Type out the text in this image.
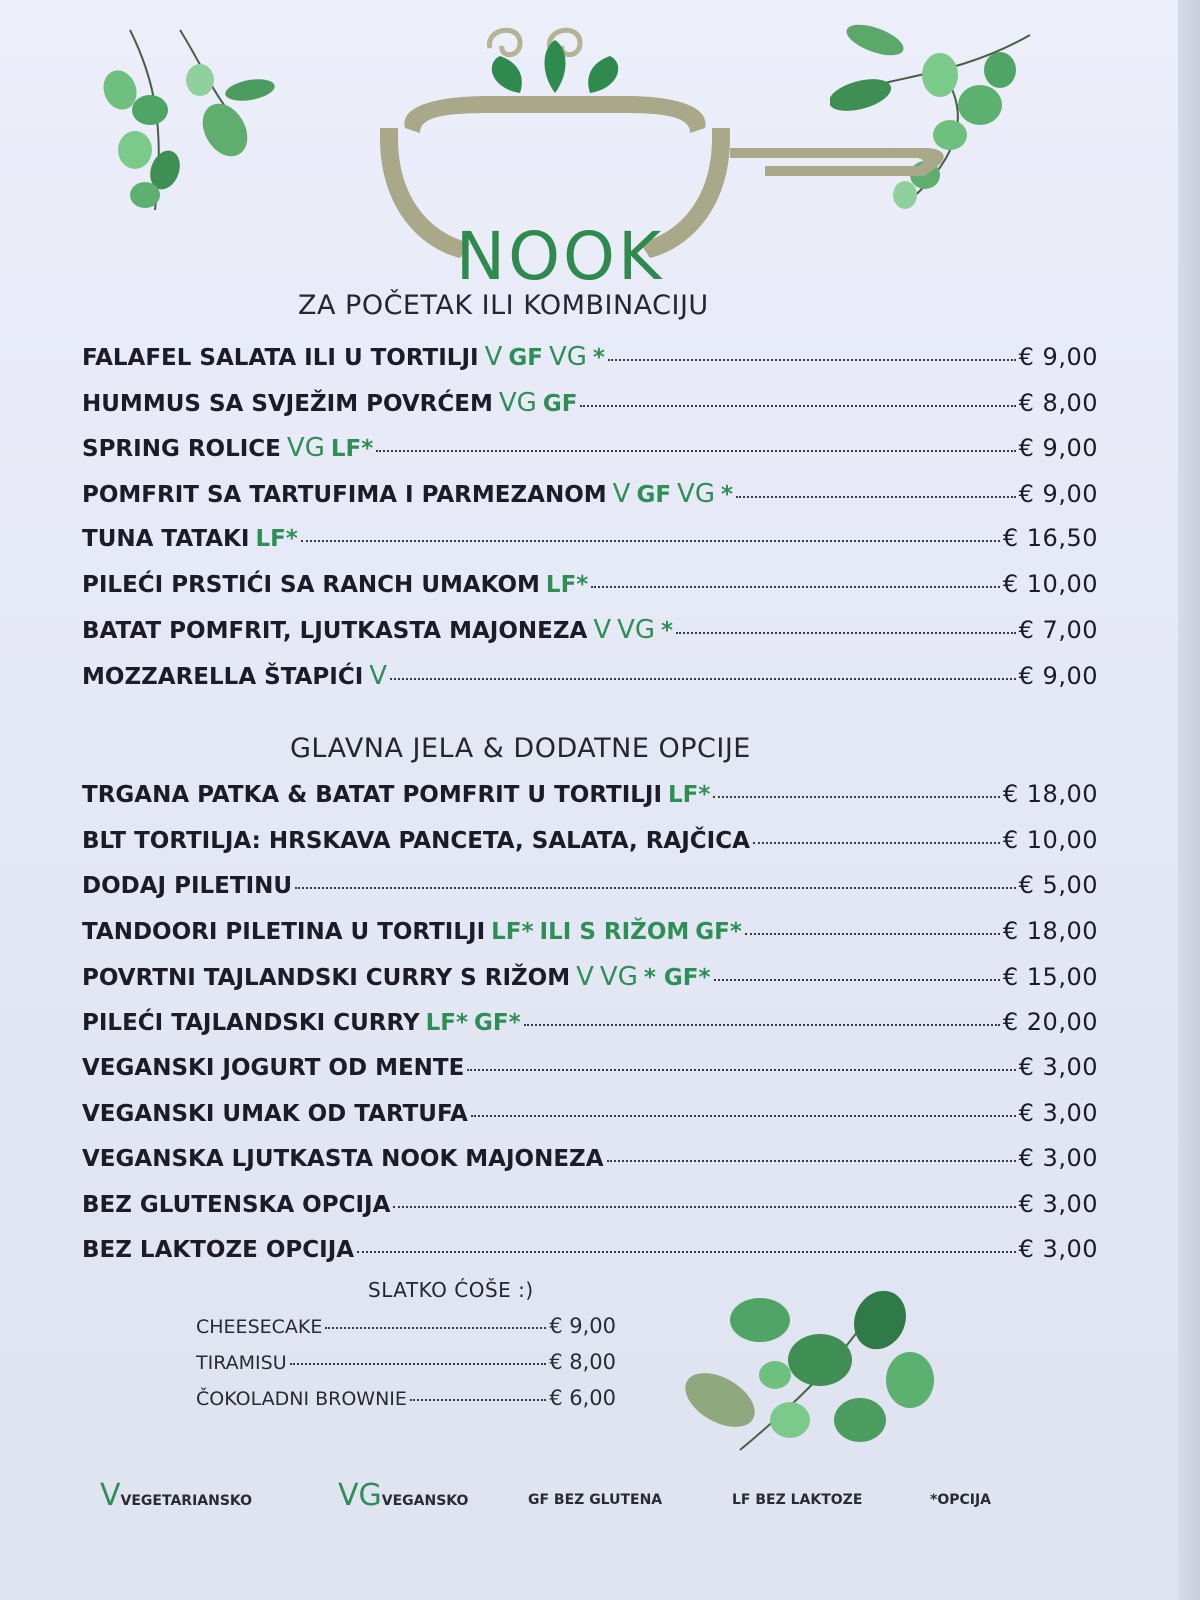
NOOK
ZA POČETAK ILI KOMBINACIJU
FALAFEL SALATA ILI U TORTILJI V GF VG *	€ 9,00
HUMMUS SA SVJEŽIM POVRĆEM VG GF	€ 8,00
SPRING ROLICE VG LF*	€ 9,00
POMFRIT SA TARTUFIMA I PARMEZANOM V GF VG *	€ 9,00
TUNA TATAKI LF*	€ 16,50
PILEĆI PRSTIĆI SA RANCH UMAKOM LF*	€ 10,00
BATAT POMFRIT, LJUTKASTA MAJONEZA V VG *	€ 7,00
MOZZARELLA ŠTAPIĆI V	€ 9,00
GLAVNA JELA & DODATNE OPCIJE
TRGANA PATKA & BATAT POMFRIT U TORTILJI LF*	€ 18,00
BLT TORTILJA: HRSKAVA PANCETA, SALATA, RAJČICA	€ 10,00
DODAJ PILETINU	€ 5,00
TANDOORI PILETINA U TORTILJI LF* ILI S RIŽOM GF*	€ 18,00
POVRTNI TAJLANDSKI CURRY S RIŽOM V VG * GF*	€ 15,00
PILEĆI TAJLANDSKI CURRY LF* GF*	€ 20,00
VEGANSKI JOGURT OD MENTE	€ 3,00
VEGANSKI UMAK OD TARTUFA	€ 3,00
VEGANSKA LJUTKASTA NOOK MAJONEZA	€ 3,00
BEZ GLUTENSKA OPCIJA	€ 3,00
BEZ LAKTOZE OPCIJA	€ 3,00
SLATKO ĆOŠE :)
CHEESECAKE	€ 9,00
TIRAMISU	€ 8,00
ČOKOLADNI BROWNIE	€ 6,00
VVEGETARIANSKO	VGVEGANSKO	GF BEZ GLUTENA	LF BEZ LAKTOZE	*OPCIJA
